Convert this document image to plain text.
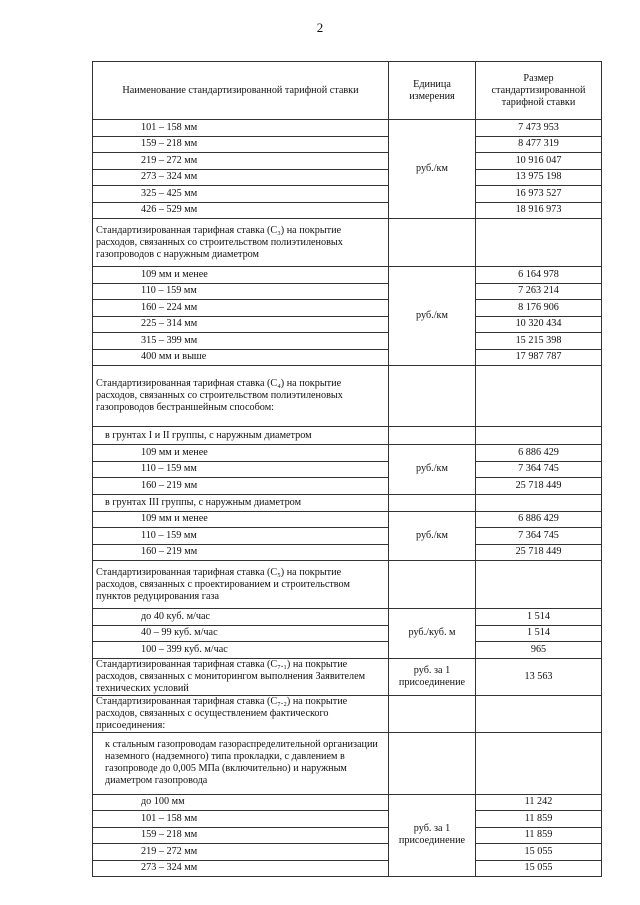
2
Наименование стандартизированной тарифной ставки	Единица измерения	Размер стандартизированной тарифной ставки
101 – 158 мм	руб./км	7 473 953
159 – 218 мм		8 477 319
219 – 272 мм		10 916 047
273 – 324 мм		13 975 198
325 – 425 мм		16 973 527
426 – 529 мм		18 916 973
Стандартизированная тарифная ставка (C₃) на покрытие расходов, связанных со строительством полиэтиленовых газопроводов с наружным диаметром		
109 мм и менее	руб./км	6 164 978
110 – 159 мм		7 263 214
160 – 224 мм		8 176 906
225 – 314 мм		10 320 434
315 – 399 мм		15 215 398
400 мм и выше		17 987 787
Стандартизированная тарифная ставка (C₄) на покрытие расходов, связанных со строительством полиэтиленовых газопроводов бестраншейным способом:		
в грунтах I и II группы, с наружным диаметром		
109 мм и менее	руб./км	6 886 429
110 – 159 мм		7 364 745
160 – 219 мм		25 718 449
в грунтах III группы, с наружным диаметром		
109 мм и менее	руб./км	6 886 429
110 – 159 мм		7 364 745
160 – 219 мм		25 718 449
Стандартизированная тарифная ставка (C₅) на покрытие расходов, связанных с проектированием и строительством пунктов редуцирования газа		
до 40 куб. м/час	руб./куб. м	1 514
40 – 99 куб. м/час		1 514
100 – 399 куб. м/час		965
Стандартизированная тарифная ставка (C₇.₁) на покрытие расходов, связанных с мониторингом выполнения Заявителем технических условий	руб. за 1 присоединение	13 563
Стандартизированная тарифная ставка (C₇.₂) на покрытие расходов, связанных с осуществлением фактического присоединения:		
к стальным газопроводам газораспределительной организации наземного (надземного) типа прокладки, с давлением в газопроводе до 0,005 МПа (включительно) и наружным диаметром газопровода		
до 100 мм	руб. за 1 присоединение	11 242
101 – 158 мм		11 859
159 – 218 мм		11 859
219 – 272 мм		15 055
273 – 324 мм		15 055
